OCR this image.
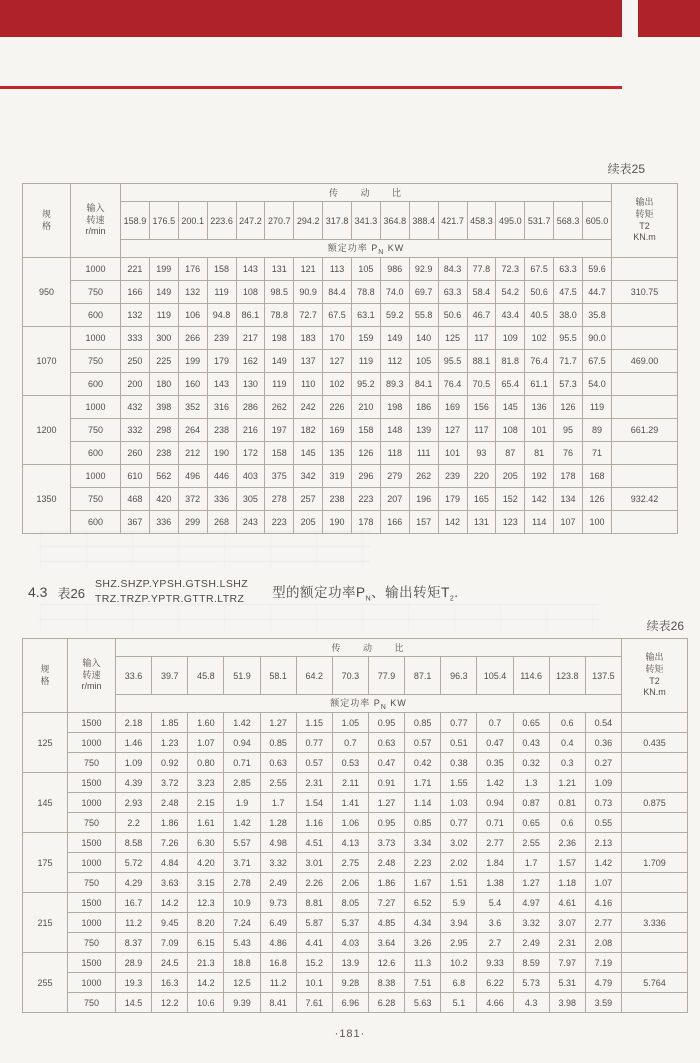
续表25
规
格	输入
转速
r/min	传 动 比																	输出
转矩
T2
KN.m
		158.9	176.5	200.1	223.6	247.2	270.7	294.2	317.8	341.3	364.8	388.4	421.7	458.3	495.0	531.7	568.3	605.0	
		额定功率 $P_N$ KW																	
950	1000	221	199	176	158	143	131	121	113	105	986	92.9	84.3	77.8	72.3	67.5	63.3	59.6	
	750	166	149	132	119	108	98.5	90.9	84.4	78.8	74.0	69.7	63.3	58.4	54.2	50.6	47.5	44.7	310.75
	600	132	119	106	94.8	86.1	78.8	72.7	67.5	63.1	59.2	55.8	50.6	46.7	43.4	40.5	38.0	35.8	
1070	1000	333	300	266	239	217	198	183	170	159	149	140	125	117	109	102	95.5	90.0	
	750	250	225	199	179	162	149	137	127	119	112	105	95.5	88.1	81.8	76.4	71.7	67.5	469.00
	600	200	180	160	143	130	119	110	102	95.2	89.3	84.1	76.4	70.5	65.4	61.1	57.3	54.0	
1200	1000	432	398	352	316	286	262	242	226	210	198	186	169	156	145	136	126	119	
	750	332	298	264	238	216	197	182	169	158	148	139	127	117	108	101	95	89	661.29
	600	260	238	212	190	172	158	145	135	126	118	111	101	93	87	81	76	71	
1350	1000	610	562	496	446	403	375	342	319	296	279	262	239	220	205	192	178	168	
	750	468	420	372	336	305	278	257	238	223	207	196	179	165	152	142	134	126	932.42
	600	367	336	299	268	243	223	205	190	178	166	157	142	131	123	114	107	100	
4.3 表26
SHZ.SHZP.YPSH.GTSH.LSHZ
TRZ.TRZP.YPTR.GTTR.LTRZ 型的额定功率$P_N$、输出转矩$T_2$.
续表26
规
格	输入
转速
r/min	传 动 比														输出
转矩
T2
KN.m
		33.6	39.7	45.8	51.9	58.1	64.2	70.3	77.9	87.1	96.3	105.4	114.6	123.8	137.5	
		额定功率 $P_N$ KW														
125	1500	2.18	1.85	1.60	1.42	1.27	1.15	1.05	0.95	0.85	0.77	0.7	0.65	0.6	0.54	
	1000	1.46	1.23	1.07	0.94	0.85	0.77	0.7	0.63	0.57	0.51	0.47	0.43	0.4	0.36	0.435
	750	1.09	0.92	0.80	0.71	0.63	0.57	0.53	0.47	0.42	0.38	0.35	0.32	0.3	0.27	
145	1500	4.39	3.72	3.23	2.85	2.55	2.31	2.11	0.91	1.71	1.55	1.42	1.3	1.21	1.09	
	1000	2.93	2.48	2.15	1.9	1.7	1.54	1.41	1.27	1.14	1.03	0.94	0.87	0.81	0.73	0.875
	750	2.2	1.86	1.61	1.42	1.28	1.16	1.06	0.95	0.85	0.77	0.71	0.65	0.6	0.55	
175	1500	8.58	7.26	6.30	5.57	4.98	4.51	4.13	3.73	3.34	3.02	2.77	2.55	2.36	2.13	
	1000	5.72	4.84	4.20	3.71	3.32	3.01	2.75	2.48	2.23	2.02	1.84	1.7	1.57	1.42	1.709
	750	4.29	3.63	3.15	2.78	2.49	2.26	2.06	1.86	1.67	1.51	1.38	1.27	1.18	1.07	
215	1500	16.7	14.2	12.3	10.9	9.73	8.81	8.05	7.27	6.52	5.9	5.4	4.97	4.61	4.16	
	1000	11.2	9.45	8.20	7.24	6.49	5.87	5.37	4.85	4.34	3.94	3.6	3.32	3.07	2.77	3.336
	750	8.37	7.09	6.15	5.43	4.86	4.41	4.03	3.64	3.26	2.95	2.7	2.49	2.31	2.08	
255	1500	28.9	24.5	21.3	18.8	16.8	15.2	13.9	12.6	11.3	10.2	9.33	8.59	7.97	7.19	
	1000	19.3	16.3	14.2	12.5	11.2	10.1	9.28	8.38	7.51	6.8	6.22	5.73	5.31	4.79	5.764
	750	14.5	12.2	10.6	9.39	8.41	7.61	6.96	6.28	5.63	5.1	4.66	4.3	3.98	3.59	
·181·
